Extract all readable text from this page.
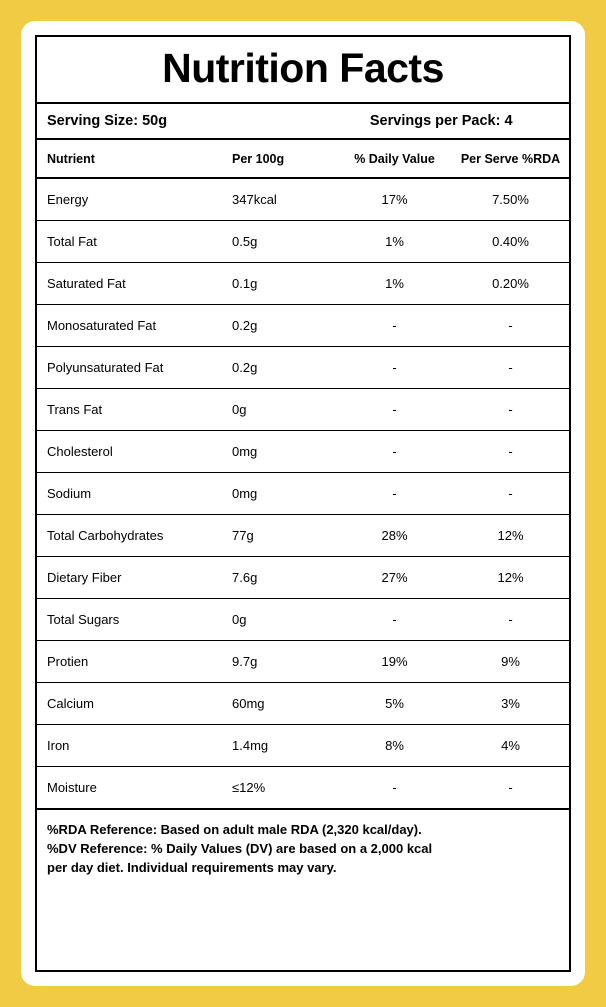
Nutrition Facts
Serving Size: 50g	Servings per Pack: 4
Nutrient	Per 100g	% Daily Value	Per Serve %RDA
Energy	347kcal	17%	7.50%
Total Fat	0.5g	1%	0.40%
Saturated Fat	0.1g	1%	0.20%
Monosaturated Fat	0.2g	-	-
Polyunsaturated Fat	0.2g	-	-
Trans Fat	0g	-	-
Cholesterol	0mg	-	-
Sodium	0mg	-	-
Total Carbohydrates	77g	28%	12%
Dietary Fiber	7.6g	27%	12%
Total Sugars	0g	-	-
Protien	9.7g	19%	9%
Calcium	60mg	5%	3%
Iron	1.4mg	8%	4%
Moisture	≤12%	-	-
%RDA Reference: Based on adult male RDA (2,320 kcal/day).
%DV Reference: % Daily Values (DV) are based on a 2,000 kcal
per day diet. Individual requirements may vary.
